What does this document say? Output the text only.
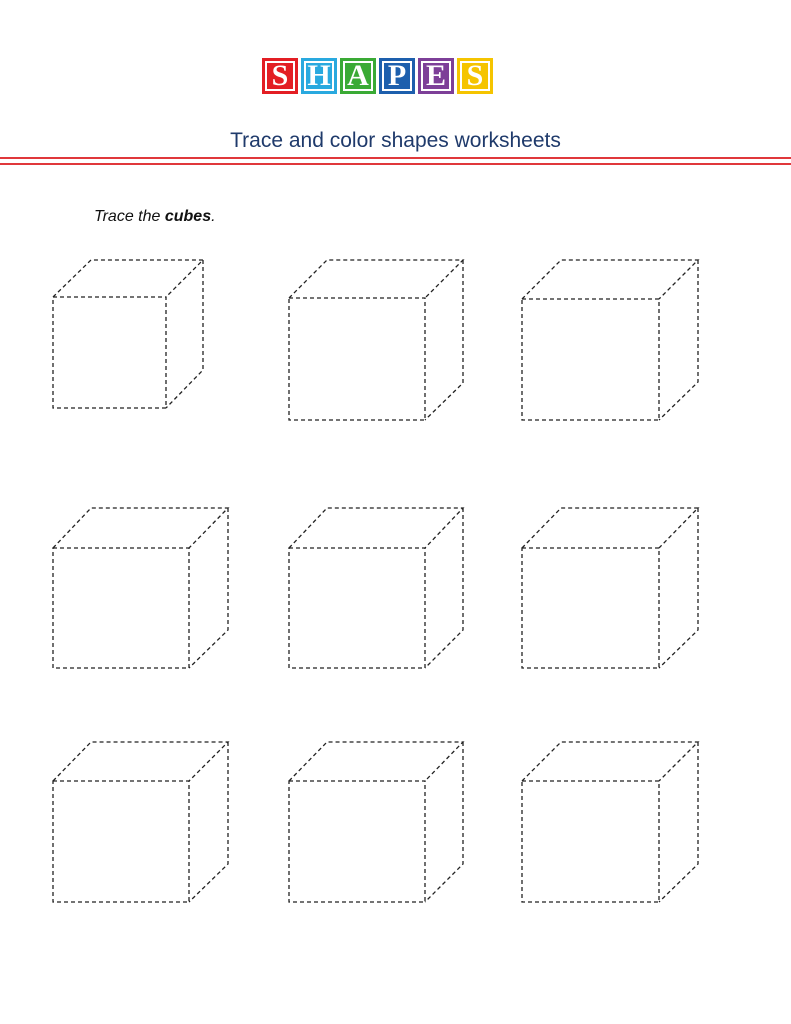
S H A P E S
Trace and color shapes worksheets
Trace the cubes.
